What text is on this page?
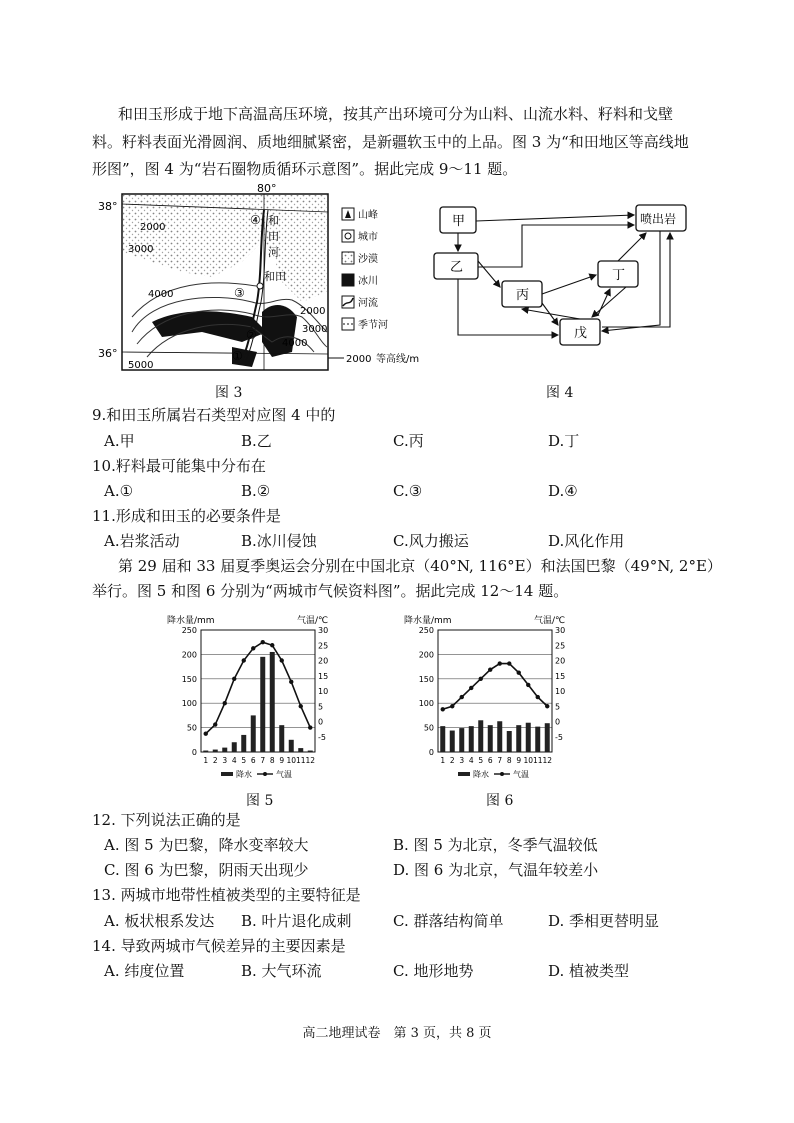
和田玉形成于地下高温高压环境，按其产出环境可分为山料、山流水料、籽料和戈壁
料。籽料表面光滑圆润、质地细腻紧密，是新疆软玉中的上品。图 3 为“和田地区等高线地
形图”，图 4 为“岩石圈物质循环示意图”。据此完成 9～11 题。
38°
36°
80°
2000
3000
4000
2000
3000
4000
5000
④
③
②
①
和
田
河
和田
山峰
城市
沙漠
冰川
河流
季节河
2000 等高线/m
图 3
甲
乙
丙
丁
戊
喷出岩
图 4
9.和田玉所属岩石类型对应图 4 中的
A.甲	B.乙	C.丙	D.丁
10.籽料最可能集中分布在
A.①	B.②	C.③	D.④
11.形成和田玉的必要条件是
A.岩浆活动	B.冰川侵蚀	C.风力搬运	D.风化作用
第 29 届和 33 届夏季奥运会分别在中国北京（40°N, 116°E）和法国巴黎（49°N, 2°E）
举行。图 5 和图 6 分别为“两城市气候资料图”。据此完成 12～14 题。
降水量/mm	气温/℃
0
50
100
150
200
250
-5
0
5
10
15
20
25
30
1 2 3 4 5 6 7 8 9 10 11 12
降水	气温
图 5
降水量/mm	气温/℃
0
50
100
150
200
250
-5
0
5
10
15
20
25
30
1 2 3 4 5 6 7 8 9 10 11 12
降水	气温
图 6
12. 下列说法正确的是
A. 图 5 为巴黎，降水变率较大	B. 图 5 为北京，冬季气温较低
C. 图 6 为巴黎，阴雨天出现少	D. 图 6 为北京，气温年较差小
13. 两城市地带性植被类型的主要特征是
A. 板状根系发达 B. 叶片退化成刺	C. 群落结构简单	D. 季相更替明显
14. 导致两城市气候差异的主要因素是
A. 纬度位置	B. 大气环流	C. 地形地势	D. 植被类型
高二地理试卷　第 3 页，共 8 页
